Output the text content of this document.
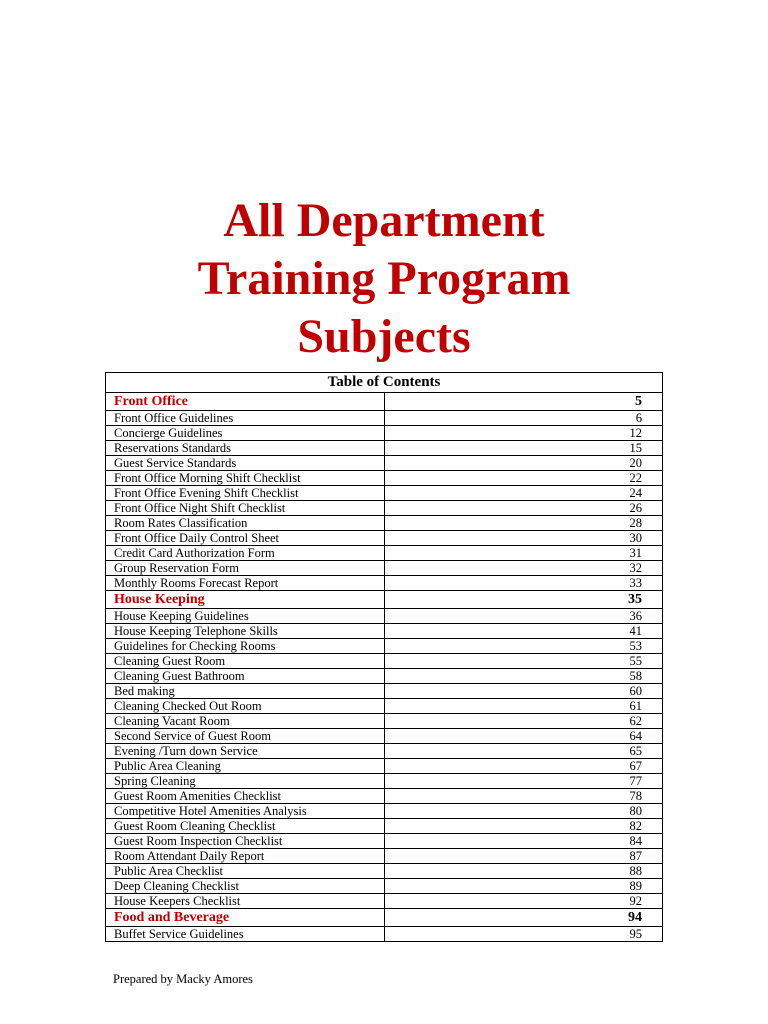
All Department
Training Program
Subjects
Table of Contents	
Front Office	5
Front Office Guidelines	6
Concierge Guidelines	12
Reservations Standards	15
Guest Service Standards	20
Front Office Morning Shift Checklist	22
Front Office Evening Shift Checklist	24
Front Office Night Shift Checklist	26
Room Rates Classification	28
Front Office Daily Control Sheet	30
Credit Card Authorization Form	31
Group Reservation Form	32
Monthly Rooms Forecast Report	33
House Keeping	35
House Keeping Guidelines	36
House Keeping Telephone Skills	41
Guidelines for Checking Rooms	53
Cleaning Guest Room	55
Cleaning Guest Bathroom	58
Bed making	60
Cleaning Checked Out Room	61
Cleaning Vacant Room	62
Second Service of Guest Room	64
Evening /Turn down Service	65
Public Area Cleaning	67
Spring Cleaning	77
Guest Room Amenities Checklist	78
Competitive Hotel Amenities Analysis	80
Guest Room Cleaning Checklist	82
Guest Room Inspection Checklist	84
Room Attendant Daily Report	87
Public Area Checklist	88
Deep Cleaning Checklist	89
House Keepers Checklist	92
Food and Beverage	94
Buffet Service Guidelines	95
Prepared by Macky Amores
